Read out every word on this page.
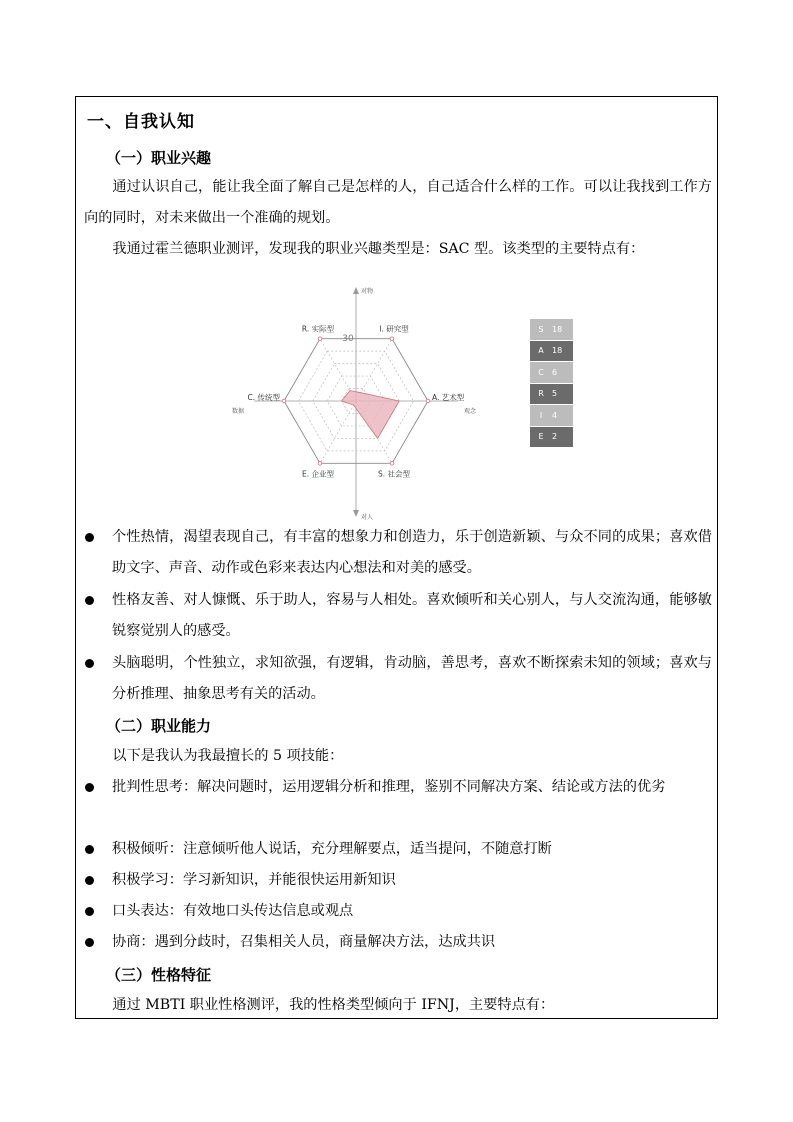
一、自我认知
（一）职业兴趣
通过认识自己，能让我全面了解自己是怎样的人，自己适合什么样的工作。可以让我找到工作方向的同时，对未来做出一个准确的规划。
我通过霍兰德职业测评，发现我的职业兴趣类型是：SAC 型。该类型的主要特点有：
对物
对人
数据	观念
30
R. 实际型	I. 研究型
A. 艺术型
S. 社会型
E. 企业型
C. 传统型
S	18
A	18
C	6
R	5
I	4
E	2
个性热情，渴望表现自己，有丰富的想象力和创造力，乐于创造新颖、与众不同的成果；喜欢借助文字、声音、动作或色彩来表达内心想法和对美的感受。
性格友善、对人慷慨、乐于助人，容易与人相处。喜欢倾听和关心别人，与人交流沟通，能够敏锐察觉别人的感受。
头脑聪明，个性独立，求知欲强，有逻辑，肯动脑，善思考，喜欢不断探索未知的领域；喜欢与分析推理、抽象思考有关的活动。
（二）职业能力
以下是我认为我最擅长的 5 项技能：
批判性思考：解决问题时，运用逻辑分析和推理，鉴别不同解决方案、结论或方法的优劣
积极倾听：注意倾听他人说话，充分理解要点，适当提问，不随意打断
积极学习：学习新知识，并能很快运用新知识
口头表达：有效地口头传达信息或观点
协商：遇到分歧时，召集相关人员，商量解决方法，达成共识
（三）性格特征
通过 MBTI 职业性格测评，我的性格类型倾向于 IFNJ，主要特点有：
